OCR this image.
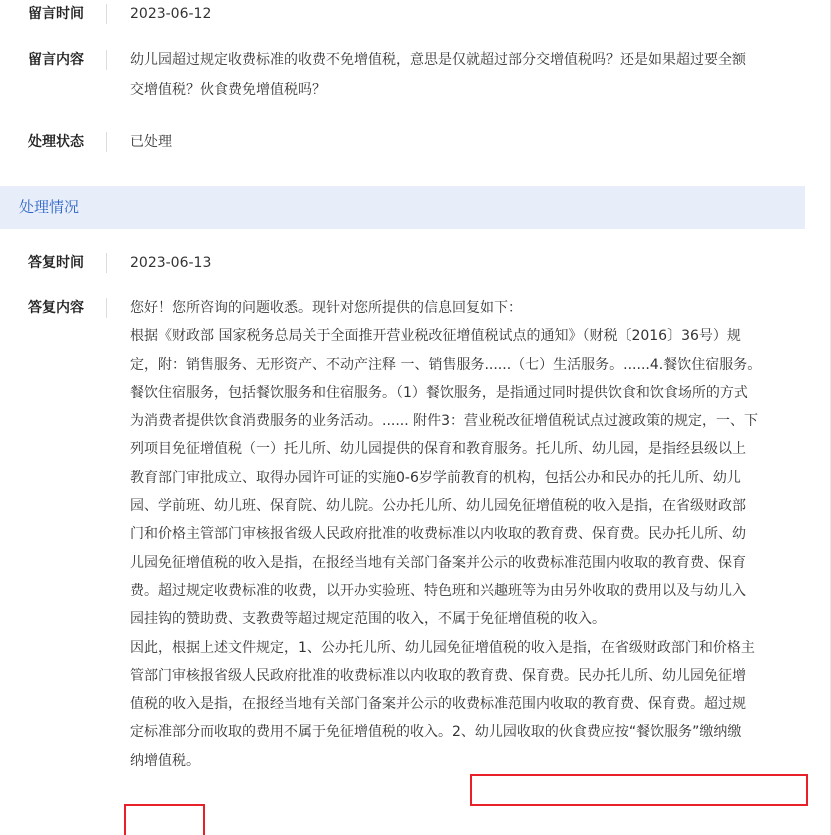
留言时间	2023-06-12
留言内容	幼儿园超过规定收费标准的收费不免增值税，意思是仅就超过部分交增值税吗？还是如果超过要全额
交增值税？伙食费免增值税吗？
处理状态	已处理
处理情况
答复时间	2023-06-13
答复内容	您好！您所咨询的问题收悉。现针对您所提供的信息回复如下：
根据《财政部 国家税务总局关于全面推开营业税改征增值税试点的通知》（财税〔2016〕36号）规
定，附：销售服务、无形资产、不动产注释 一、销售服务......（七）生活服务。......4.餐饮住宿服务。
餐饮住宿服务，包括餐饮服务和住宿服务。（1）餐饮服务，是指通过同时提供饮食和饮食场所的方式
为消费者提供饮食消费服务的业务活动。...... 附件3：营业税改征增值税试点过渡政策的规定，一、下
列项目免征增值税（一）托儿所、幼儿园提供的保育和教育服务。托儿所、幼儿园，是指经县级以上
教育部门审批成立、取得办园许可证的实施0-6岁学前教育的机构，包括公办和民办的托儿所、幼儿
园、学前班、幼儿班、保育院、幼儿院。公办托儿所、幼儿园免征增值税的收入是指，在省级财政部
门和价格主管部门审核报省级人民政府批准的收费标准以内收取的教育费、保育费。民办托儿所、幼
儿园免征增值税的收入是指，在报经当地有关部门备案并公示的收费标准范围内收取的教育费、保育
费。超过规定收费标准的收费，以开办实验班、特色班和兴趣班等为由另外收取的费用以及与幼儿入
园挂钩的赞助费、支教费等超过规定范围的收入，不属于免征增值税的收入。
因此，根据上述文件规定，1、公办托儿所、幼儿园免征增值税的收入是指，在省级财政部门和价格主
管部门审核报省级人民政府批准的收费标准以内收取的教育费、保育费。民办托儿所、幼儿园免征增
值税的收入是指，在报经当地有关部门备案并公示的收费标准范围内收取的教育费、保育费。超过规
定标准部分而收取的费用不属于免征增值税的收入。2、幼儿园收取的伙食费应按“餐饮服务”缴纳缴
纳增值税。
